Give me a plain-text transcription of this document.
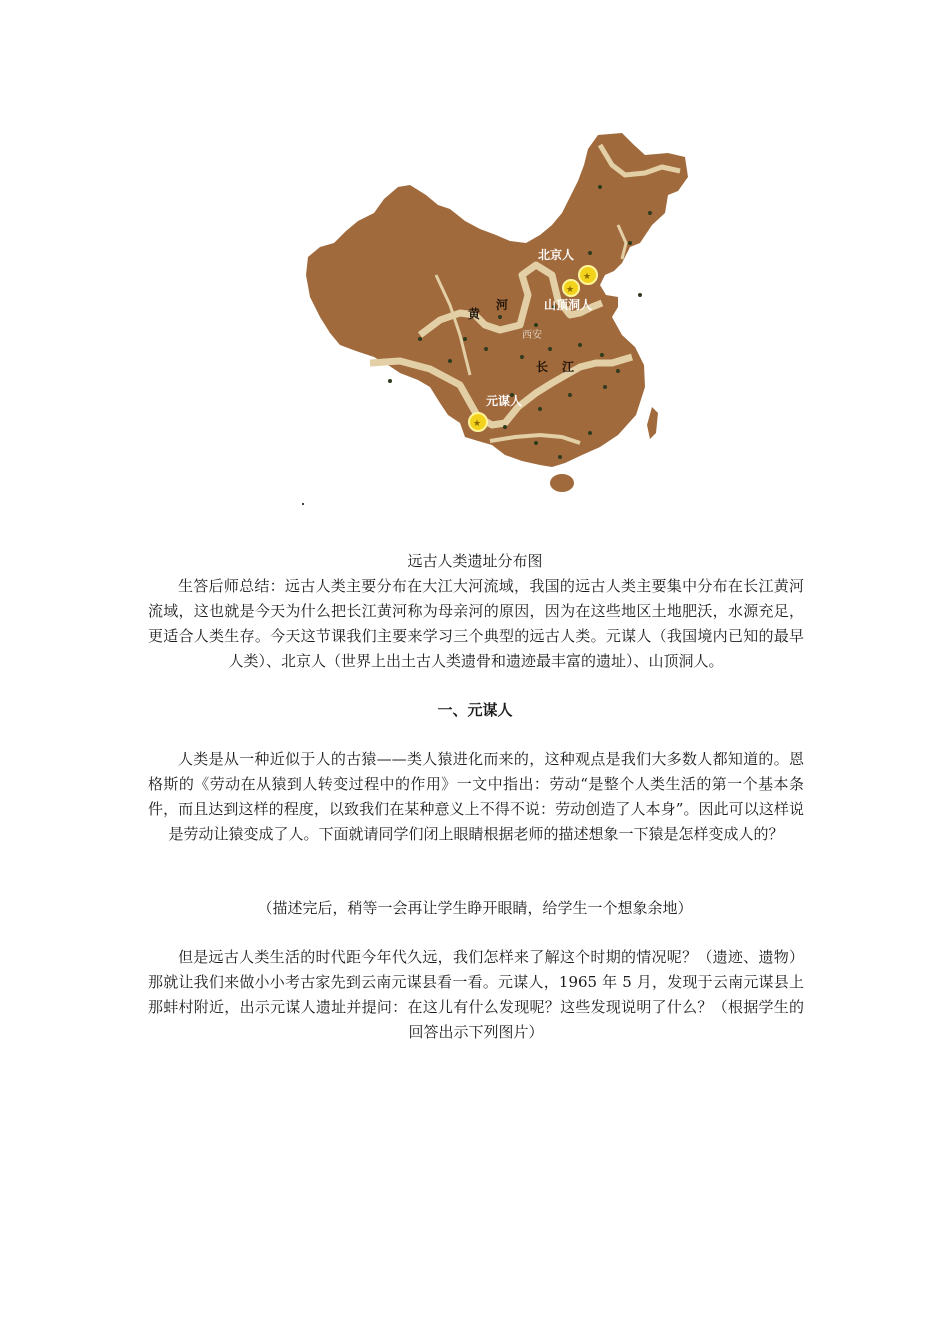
黄
河
长 江
西安
★
北京人
★
山顶洞人
★
元谋人
远古人类遗址分布图

生答后师总结：远古人类主要分布在大江大河流域，我国的远古人类主要集中分布在长江黄河流域，这也就是今天为什么把长江黄河称为母亲河的原因，因为在这些地区土地肥沃，水源充足，更适合人类生存。今天这节课我们主要来学习三个典型的远古人类。元谋人（我国境内已知的最早人类）、北京人（世界上出土古人类遗骨和遗迹最丰富的遗址）、山顶洞人。

一、元谋人

人类是从一种近似于人的古猿——类人猿进化而来的，这种观点是我们大多数人都知道的。恩格斯的《劳动在从猿到人转变过程中的作用》一文中指出：劳动“是整个人类生活的第一个基本条件，而且达到这样的程度，以致我们在某种意义上不得不说：劳动创造了人本身”。因此可以这样说是劳动让猿变成了人。下面就请同学们闭上眼睛根据老师的描述想象一下猿是怎样变成人的？

（描述完后，稍等一会再让学生睁开眼睛，给学生一个想象余地）

但是远古人类生活的时代距今年代久远，我们怎样来了解这个时期的情况呢？（遗迹、遗物）那就让我们来做小小考古家先到云南元谋县看一看。元谋人，1965 年 5 月，发现于云南元谋县上那蚌村附近，出示元谋人遗址并提问：在这儿有什么发现呢？这些发现说明了什么？（根据学生的回答出示下列图片）
